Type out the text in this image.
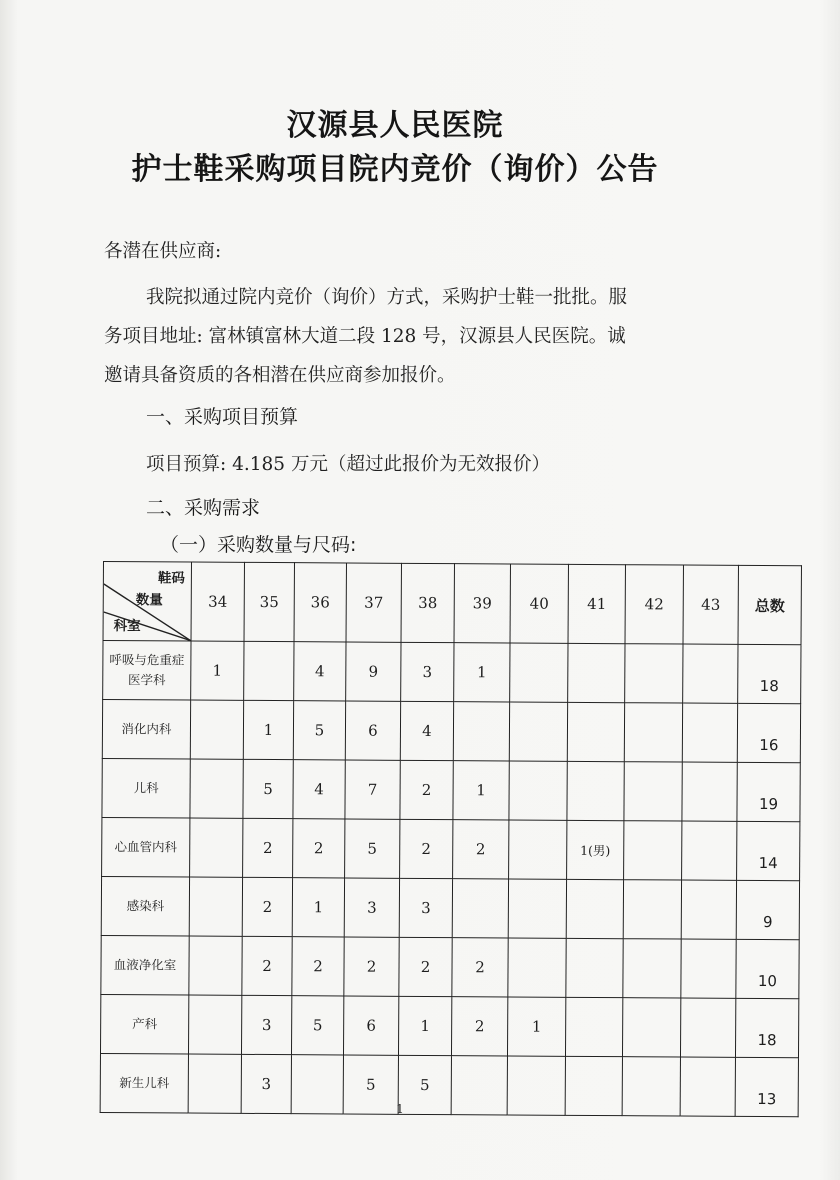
汉源县人民医院
护士鞋采购项目院内竞价（询价）公告
各潜在供应商:
我院拟通过院内竞价（询价）方式，采购护士鞋一批批。服
务项目地址: 富林镇富林大道二段 128 号，汉源县人民医院。诚
邀请具备资质的各相潜在供应商参加报价。
一、采购项目预算
项目预算: 4.185 万元（超过此报价为无效报价）
二、采购需求
（一）采购数量与尺码:
鞋码
数量
科室	34	35	36	37	38	39	40	41	42	43	总数
呼吸与危重症医学科	1		4	9	3	1					18
消化内科		1	5	6	4						16
儿科		5	4	7	2	1					19
心血管内科		2	2	5	2	2		1(男)			14
感染科		2	1	3	3						9
血液净化室		2	2	2	2	2					10
产科		3	5	6	1	2	1				18
新生儿科		3		5	5						13
1
